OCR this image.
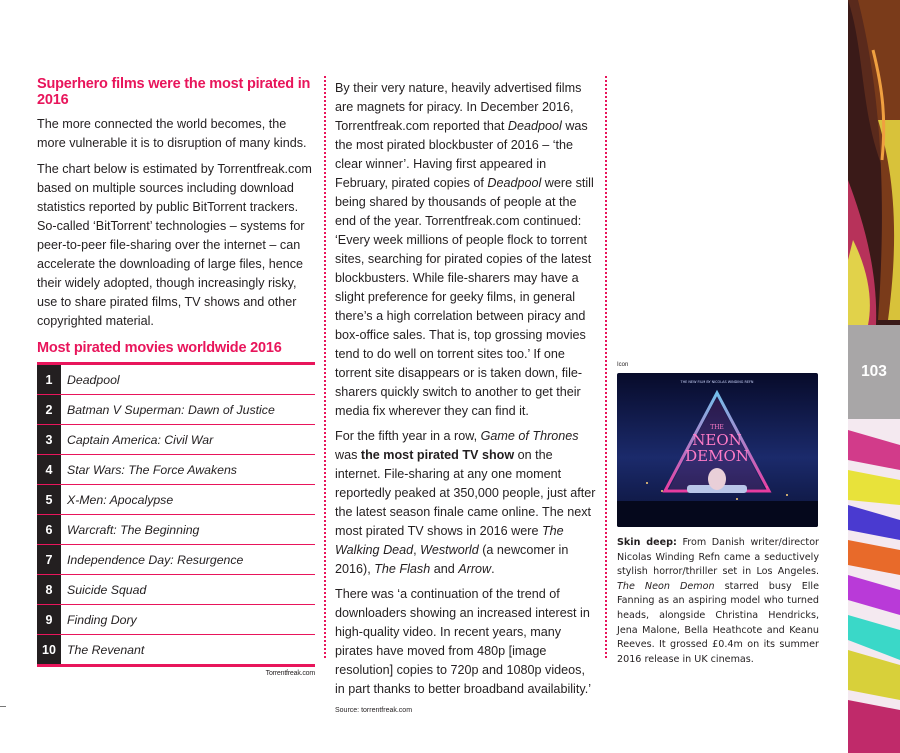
Superhero films were the most pirated in 2016

The more connected the world becomes, the more vulnerable it is to disruption of many kinds.

The chart below is estimated by Torrentfreak.com based on multiple sources including download statistics reported by public BitTorrent trackers. So-called ‘BitTorrent’ technologies – systems for peer-to-peer file-sharing over the internet – can accelerate the downloading of large files, hence their widely adopted, though increasingly risky, use to share pirated films, TV shows and other copyrighted material.

Most pirated movies worldwide 2016
1	Deadpool
2	Batman V Superman: Dawn of Justice
3	Captain America: Civil War
4	Star Wars: The Force Awakens
5	X-Men: Apocalypse
6	Warcraft: The Beginning
7	Independence Day: Resurgence
8	Suicide Squad
9	Finding Dory
10 The Revenant
Torrentfreak.com

By their very nature, heavily advertised films are magnets for piracy. In December 2016, Torrentfreak.com reported that Deadpool was the most pirated blockbuster of 2016 – ‘the clear winner’. Having first appeared in February, pirated copies of Deadpool were still being shared by thousands of people at the end of the year. Torrentfreak.com continued: ‘Every week millions of people flock to torrent sites, searching for pirated copies of the latest blockbusters. While file-sharers may have a slight preference for geeky films, in general there’s a high correlation between piracy and box-office sales. That is, top grossing movies tend to do well on torrent sites too.’ If one torrent site disappears or is taken down, file-sharers quickly switch to another to get their media fix wherever they can find it.

For the fifth year in a row, Game of Thrones was the most pirated TV show on the internet. File-sharing at any one moment reportedly peaked at 350,000 people, just after the latest season finale came online. The next most pirated TV shows in 2016 were The Walking Dead, Westworld (a newcomer in 2016), The Flash and Arrow.

There was ‘a continuation of the trend of downloaders showing an increased interest in high-quality video. In recent years, many pirates have moved from 480p [image resolution] copies to 720p and 1080p videos, in part thanks to better broadband availability.’ Source: torrentfreak.com

Icon
THE NEW FILM BY NICOLAS WINDING REFN
THE
NEON
DEMON
Skin deep: From Danish writer/director Nicolas Winding Refn came a seductively stylish horror/thriller set in Los Angeles. The Neon Demon starred busy Elle Fanning as an aspiring model who turned heads, alongside Christina Hendricks, Jena Malone, Bella Heathcote and Keanu Reeves. It grossed £0.4m on its summer 2016 release in UK cinemas.
103
